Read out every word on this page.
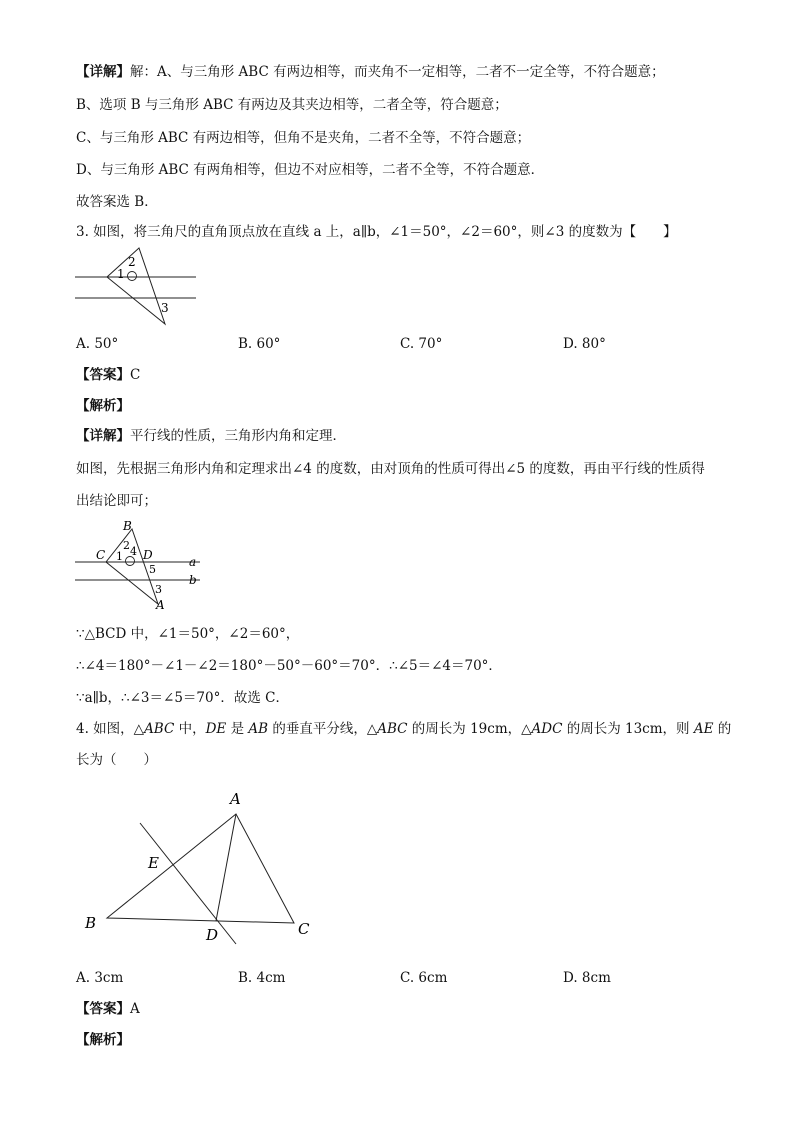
【详解】解：A、与三角形 ABC 有两边相等，而夹角不一定相等，二者不一定全等，不符合题意；
B、选项 B 与三角形 ABC 有两边及其夹边相等，二者全等，符合题意；
C、与三角形 ABC 有两边相等，但角不是夹角，二者不全等，不符合题意；
D、与三角形 ABC 有两角相等，但边不对应相等，二者不全等，不符合题意．
故答案选 B．
3. 如图，将三角尺的直角顶点放在直线 a 上，a∥b，∠1＝50°，∠2＝60°，则∠3 的度数为【　　】
2
1
3
A. 50°	B. 60°	C. 70°	D. 80°
【答案】C
【解析】
【详解】平行线的性质，三角形内角和定理．
如图，先根据三角形内角和定理求出∠4 的度数，由对顶角的性质可得出∠5 的度数，再由平行线的性质得
出结论即可；
B
C	D
A
2
1 4
5
3
a
b
∵△BCD 中，∠1＝50°，∠2＝60°，
∴∠4＝180°－∠1－∠2＝180°－50°－60°＝70°．∴∠5＝∠4＝70°．
∵a∥b，∴∠3＝∠5＝70°．故选 C．
4. 如图，△ABC 中，DE 是 AB 的垂直平分线，△ABC 的周长为 19cm，△ADC 的周长为 13cm，则 AE 的
长为（　　）
A
E
B
D	C
A. 3cm	B. 4cm	C. 6cm	D. 8cm
【答案】A
【解析】
